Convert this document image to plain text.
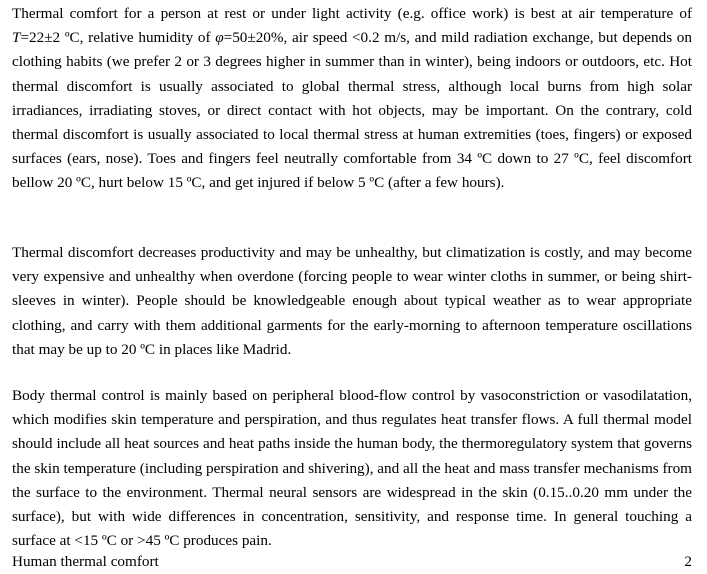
Thermal comfort for a person at rest or under light activity (e.g. office work) is best at air temperature of T=22±2 ºC, relative humidity of φ=50±20%, air speed <0.2 m/s, and mild radiation exchange, but depends on clothing habits (we prefer 2 or 3 degrees higher in summer than in winter), being indoors or outdoors, etc. Hot thermal discomfort is usually associated to global thermal stress, although local burns from high solar irradiances, irradiating stoves, or direct contact with hot objects, may be important. On the contrary, cold thermal discomfort is usually associated to local thermal stress at human extremities (toes, fingers) or exposed surfaces (ears, nose). Toes and fingers feel neutrally comfortable from 34 ºC down to 27 ºC, feel discomfort bellow 20 ºC, hurt below 15 ºC, and get injured if below 5 ºC (after a few hours).

Thermal discomfort decreases productivity and may be unhealthy, but climatization is costly, and may become very expensive and unhealthy when overdone (forcing people to wear winter cloths in summer, or being shirt-sleeves in winter). People should be knowledgeable enough about typical weather as to wear appropriate clothing, and carry with them additional garments for the early-morning to afternoon temperature oscillations that may be up to 20 ºC in places like Madrid.

Body thermal control is mainly based on peripheral blood-flow control by vasoconstriction or vasodilatation, which modifies skin temperature and perspiration, and thus regulates heat transfer flows. A full thermal model should include all heat sources and heat paths inside the human body, the thermoregulatory system that governs the skin temperature (including perspiration and shivering), and all the heat and mass transfer mechanisms from the surface to the environment. Thermal neural sensors are widespread in the skin (0.15..0.20 mm under the surface), but with wide differences in concentration, sensitivity, and response time. In general touching a surface at <15 ºC or >45 ºC produces pain.

Human thermal comfort	2
